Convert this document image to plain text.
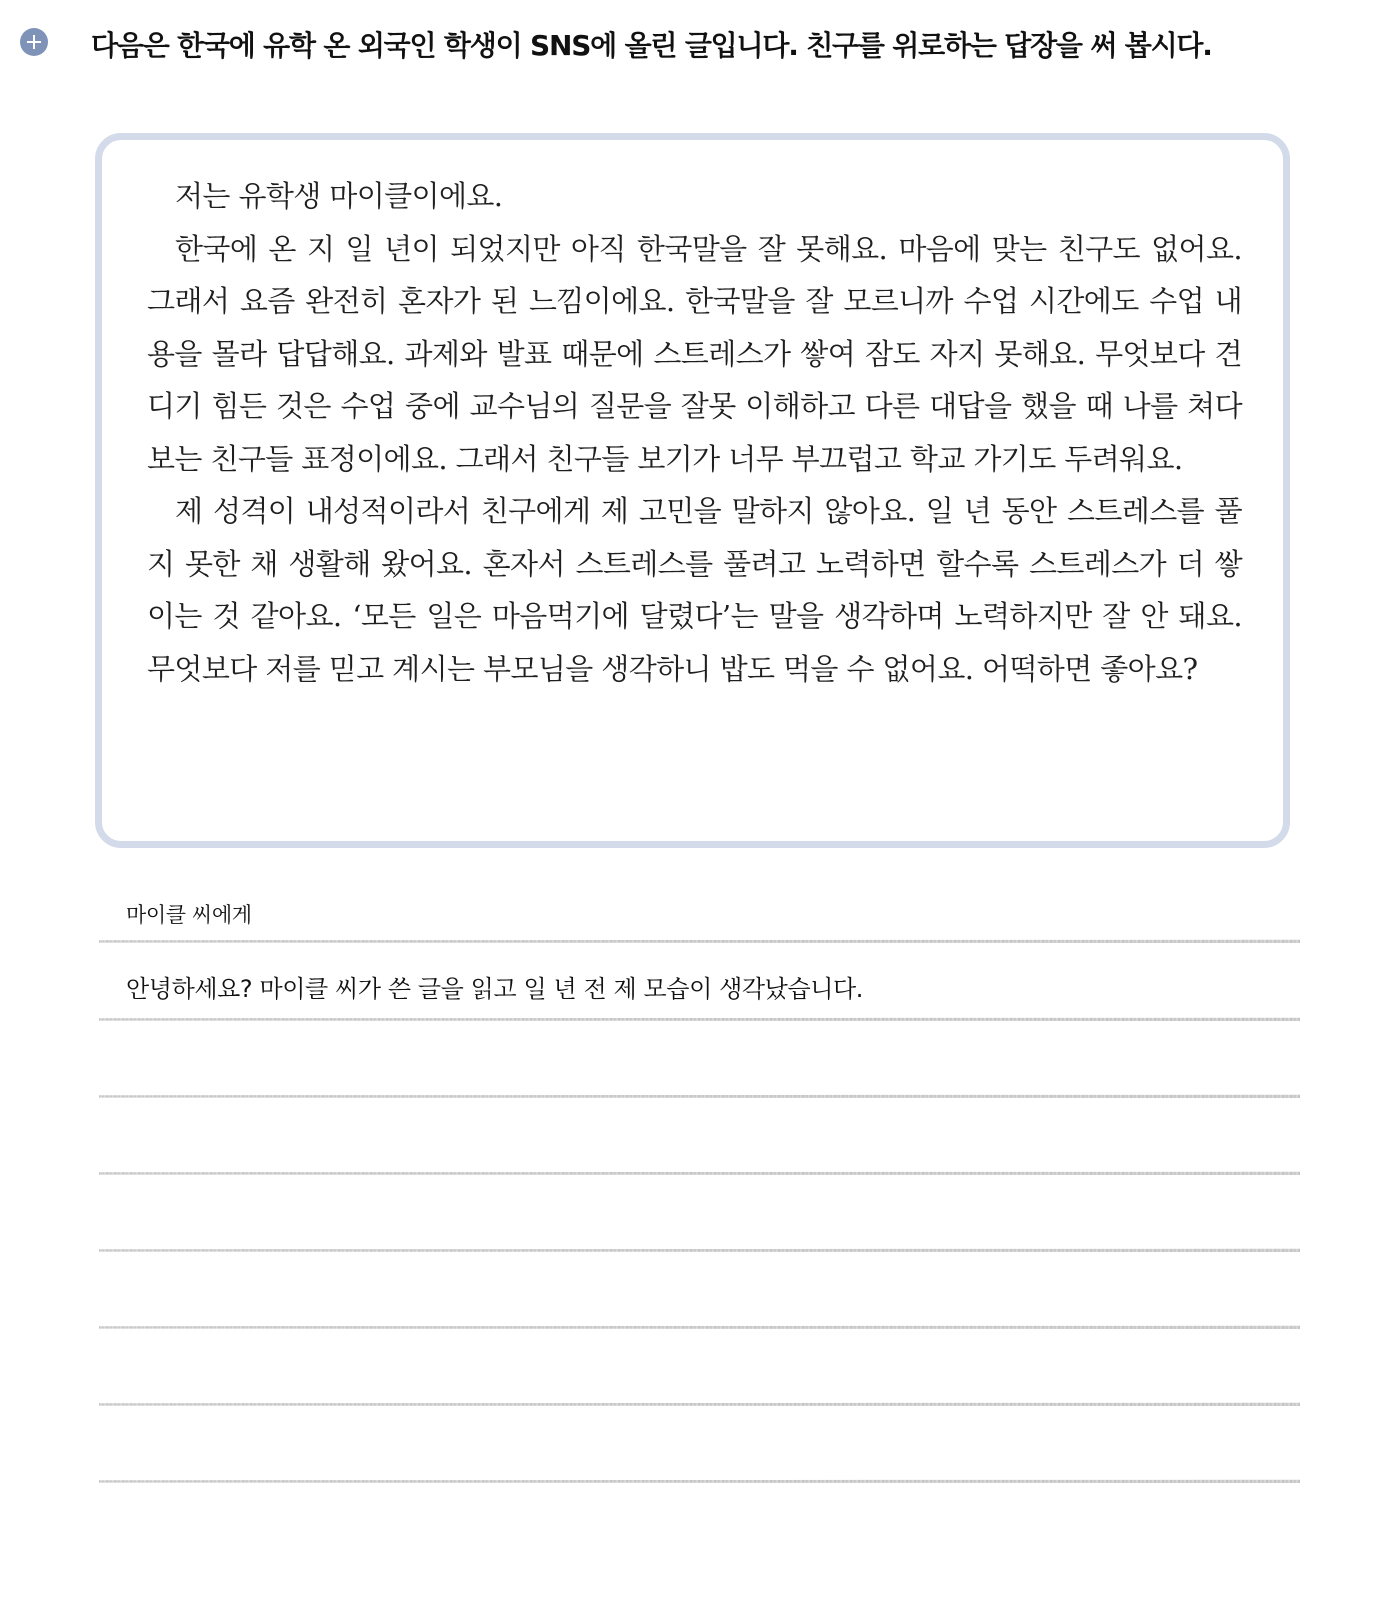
다음은 한국에 유학 온 외국인 학생이 SNS에 올린 글입니다. 친구를 위로하는 답장을 써 봅시다.

저는 유학생 마이클이에요.

한국에 온 지 일 년이 되었지만 아직 한국말을 잘 못해요. 마음에 맞는 친구도 없어요. 그래서 요즘 완전히 혼자가 된 느낌이에요. 한국말을 잘 모르니까 수업 시간에도 수업 내용을 몰라 답답해요. 과제와 발표 때문에 스트레스가 쌓여 잠도 자지 못해요. 무엇보다 견디기 힘든 것은 수업 중에 교수님의 질문을 잘못 이해하고 다른 대답을 했을 때 나를 쳐다보는 친구들 표정이에요. 그래서 친구들 보기가 너무 부끄럽고 학교 가기도 두려워요.

제 성격이 내성적이라서 친구에게 제 고민을 말하지 않아요. 일 년 동안 스트레스를 풀지 못한 채 생활해 왔어요. 혼자서 스트레스를 풀려고 노력하면 할수록 스트레스가 더 쌓이는 것 같아요. ‘모든 일은 마음먹기에 달렸다’는 말을 생각하며 노력하지만 잘 안 돼요. 무엇보다 저를 믿고 계시는 부모님을 생각하니 밥도 먹을 수 없어요. 어떡하면 좋아요?

마이클 씨에게
안녕하세요? 마이클 씨가 쓴 글을 읽고 일 년 전 제 모습이 생각났습니다.
